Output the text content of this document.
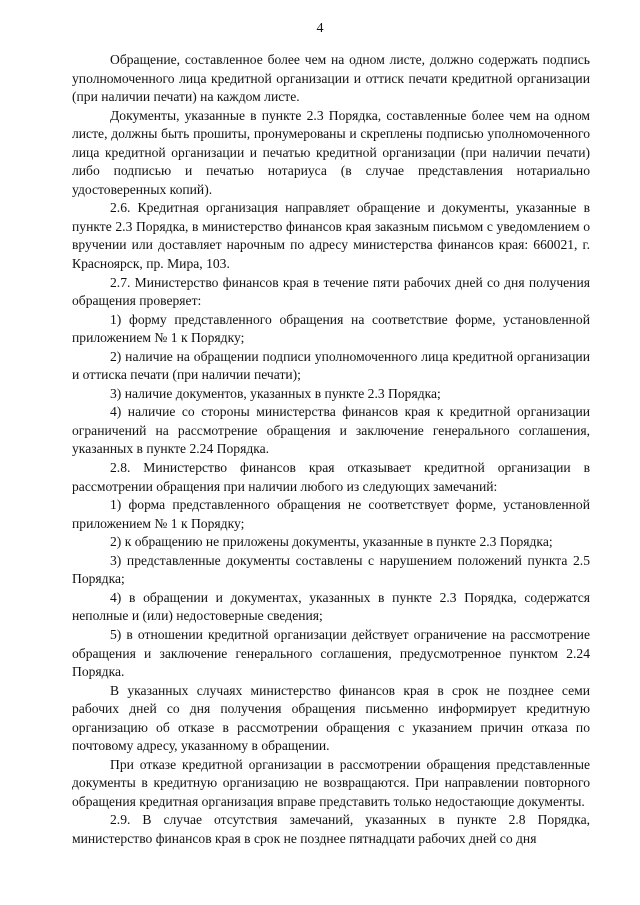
4

Обращение, составленное более чем на одном листе, должно содержать подпись уполномоченного лица кредитной организации и оттиск печати кредитной организации (при наличии печати) на каждом листе.

Документы, указанные в пункте 2.3 Порядка, составленные более чем на одном листе, должны быть прошиты, пронумерованы и скреплены подписью уполномоченного лица кредитной организации и печатью кредитной организации (при наличии печати) либо подписью и печатью нотариуса (в случае представления нотариально удостоверенных копий).

2.6. Кредитная организация направляет обращение и документы, указанные в пункте 2.3 Порядка, в министерство финансов края заказным письмом с уведомлением о вручении или доставляет нарочным по адресу министерства финансов края: 660021, г. Красноярск, пр. Мира, 103.

2.7. Министерство финансов края в течение пяти рабочих дней со дня получения обращения проверяет:

1) форму представленного обращения на соответствие форме, установленной приложением № 1 к Порядку;

2) наличие на обращении подписи уполномоченного лица кредитной организации и оттиска печати (при наличии печати);

3) наличие документов, указанных в пункте 2.3 Порядка;

4) наличие со стороны министерства финансов края к кредитной организации ограничений на рассмотрение обращения и заключение генерального соглашения, указанных в пункте 2.24 Порядка.

2.8. Министерство финансов края отказывает кредитной организации в рассмотрении обращения при наличии любого из следующих замечаний:

1) форма представленного обращения не соответствует форме, установленной приложением № 1 к Порядку;

2) к обращению не приложены документы, указанные в пункте 2.3 Порядка;

3) представленные документы составлены с нарушением положений пункта 2.5 Порядка;

4) в обращении и документах, указанных в пункте 2.3 Порядка, содержатся неполные и (или) недостоверные сведения;

5) в отношении кредитной организации действует ограничение на рассмотрение обращения и заключение генерального соглашения, предусмотренное пунктом 2.24 Порядка.

В указанных случаях министерство финансов края в срок не позднее семи рабочих дней со дня получения обращения письменно информирует кредитную организацию об отказе в рассмотрении обращения с указанием причин отказа по почтовому адресу, указанному в обращении.

При отказе кредитной организации в рассмотрении обращения представленные документы в кредитную организацию не возвращаются. При направлении повторного обращения кредитная организация вправе представить только недостающие документы.

2.9. В случае отсутствия замечаний, указанных в пункте 2.8 Порядка, министерство финансов края в срок не позднее пятнадцати рабочих дней со дня
